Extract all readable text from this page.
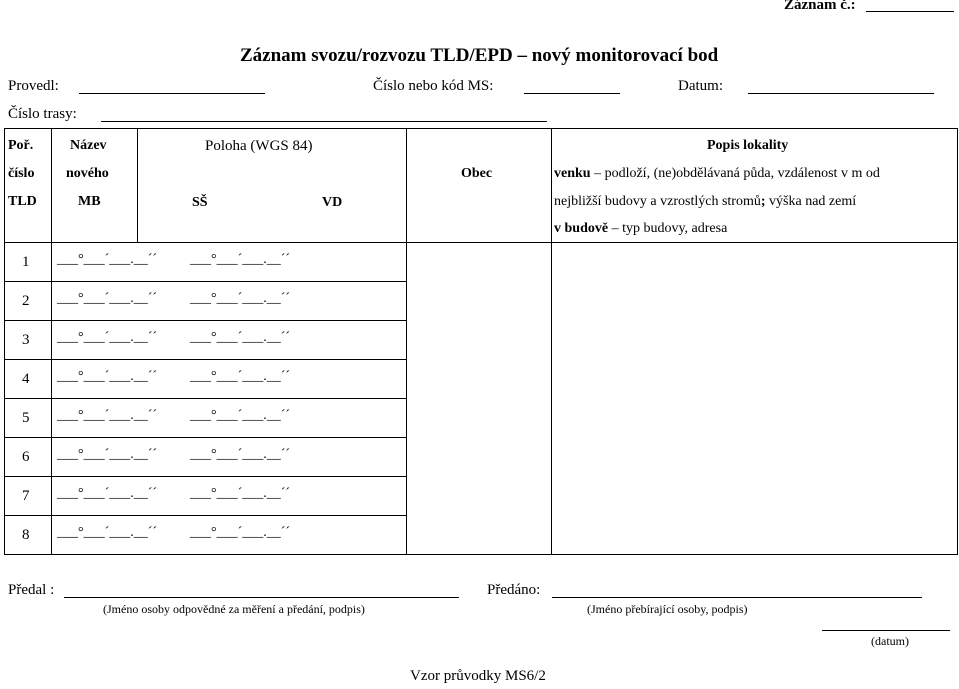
Záznam č.:
Záznam svozu/rozvozu TLD/EPD – nový monitorovací bod
Provedl:	Číslo nebo kód MS:	Datum:
Číslo trasy:
Poř.
číslo
TLD

Název
nového
MB

Poloha (WGS 84)
SŠ	VD

Obec

Popis lokality
venku – podloží, (ne)obdělávaná půda, vzdálenost v m od
nejbližší budovy a vzrostlých stromů; výška nad zemí
v budově – typ budovy, adresa
1	___°___´___.__´´ ___°___´___.__´´		

2	___°___´___.__´´ ___°___´___.__´´		

3	___°___´___.__´´ ___°___´___.__´´		

4	___°___´___.__´´ ___°___´___.__´´		

5	___°___´___.__´´ ___°___´___.__´´		

6	___°___´___.__´´ ___°___´___.__´´		

7	___°___´___.__´´ ___°___´___.__´´		

8	___°___´___.__´´ ___°___´___.__´´		

Předal :
(Jméno osoby odpovědné za měření a předání, podpis)
Předáno:
(Jméno přebírající osoby, podpis)
(datum)
Vzor průvodky MS6/2
